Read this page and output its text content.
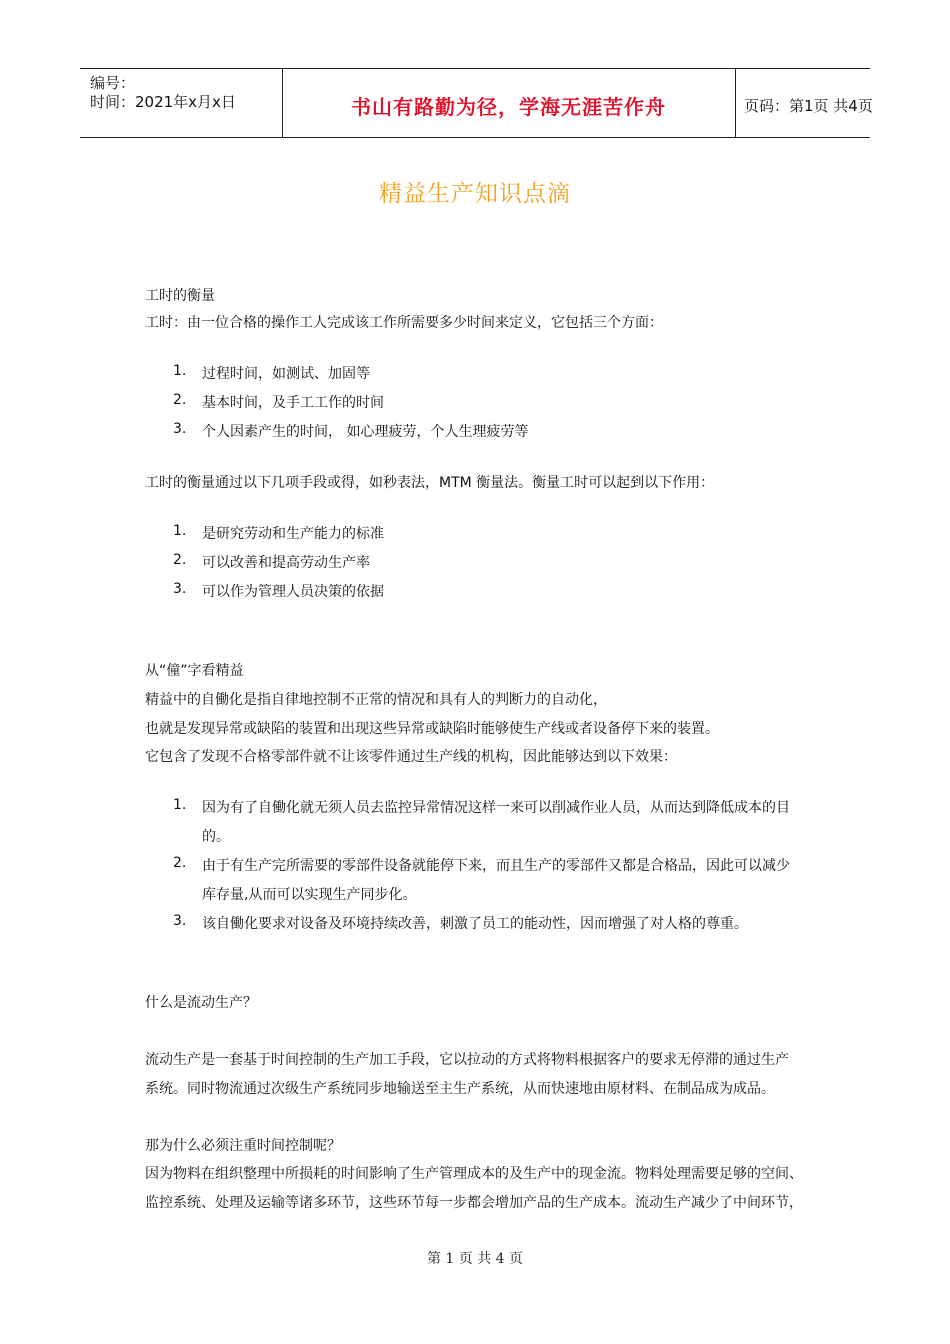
编号：
时间：2021年x月x日	书山有路勤为径，学海无涯苦作舟	页码：第1页 共4页
精益生产知识点滴
工时的衡量
工时：由一位合格的操作工人完成该工作所需要多少时间来定义，它包括三个方面：
1. 过程时间，如测试、加固等
2. 基本时间，及手工工作的时间
3. 个人因素产生的时间， 如心理疲劳，个人生理疲劳等
工时的衡量通过以下几项手段或得，如秒表法，MTM 衡量法。衡量工时可以起到以下作用：
1. 是研究劳动和生产能力的标准
2. 可以改善和提高劳动生产率
3. 可以作为管理人员决策的依据
从“僮”字看精益
精益中的自働化是指自律地控制不正常的情况和具有人的判断力的自动化，
也就是发现异常或缺陷的装置和出现这些异常或缺陷时能够使生产线或者设备停下来的装置。
它包含了发现不合格零部件就不让该零件通过生产线的机构，因此能够达到以下效果：
1. 因为有了自働化就无须人员去监控异常情况这样一来可以削减作业人员，从而达到降低成本的目
的。
2. 由于有生产完所需要的零部件设备就能停下来，而且生产的零部件又都是合格品，因此可以减少
库存量,从而可以实现生产同步化。
3. 该自働化要求对设备及环境持续改善，刺激了员工的能动性，因而增强了对人格的尊重。
什么是流动生产？
流动生产是一套基于时间控制的生产加工手段，它以拉动的方式将物料根据客户的要求无停滞的通过生产
系统。同时物流通过次级生产系统同步地输送至主生产系统，从而快速地由原材料、在制品成为成品。
那为什么必须注重时间控制呢？
因为物料在组织整理中所损耗的时间影响了生产管理成本的及生产中的现金流。物料处理需要足够的空间、
监控系统、处理及运输等诸多环节，这些环节每一步都会增加产品的生产成本。流动生产减少了中间环节，
第 1 页 共 4 页
